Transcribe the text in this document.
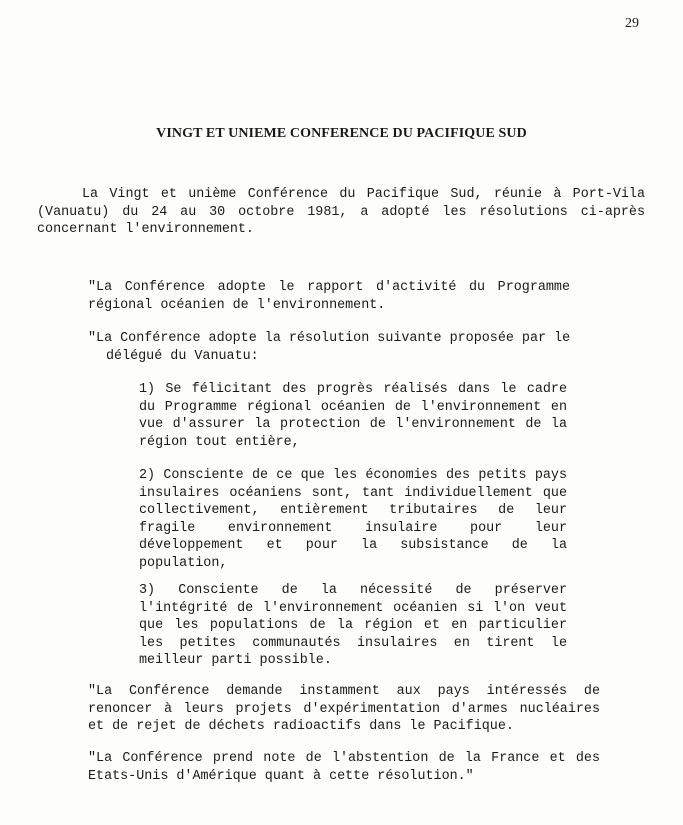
29
VINGT ET UNIEME CONFERENCE DU PACIFIQUE SUD

La Vingt et unième Conférence du Pacifique Sud, réunie à Port-Vila (Vanuatu) du 24 au 30 octobre 1981, a adopté les résolutions ci-après concernant l'environnement.

"La Conférence adopte le rapport d'activité du Programme régional océanien de l'environnement.

"La Conférence adopte la résolution suivante proposée par le
délégué du Vanuatu:

1) Se félicitant des progrès réalisés dans le cadre du Programme régional océanien de l'environnement en vue d'assurer la protection de l'environnement de la région tout entière,

2) Consciente de ce que les économies des petits pays insulaires océaniens sont, tant individuellement que collectivement, entièrement tributaires de leur fragile environnement insulaire pour leur développement et pour la subsistance de la population,

3) Consciente de la nécessité de préserver l'intégrité de l'environnement océanien si l'on veut que les populations de la région et en particulier les petites communautés insulaires en tirent le meilleur parti possible.

"La Conférence demande instamment aux pays intéressés de renoncer à leurs projets d'expérimentation d'armes nucléaires et de rejet de déchets radioactifs dans le Pacifique.

"La Conférence prend note de l'abstention de la France et des Etats-Unis d'Amérique quant à cette résolution."
